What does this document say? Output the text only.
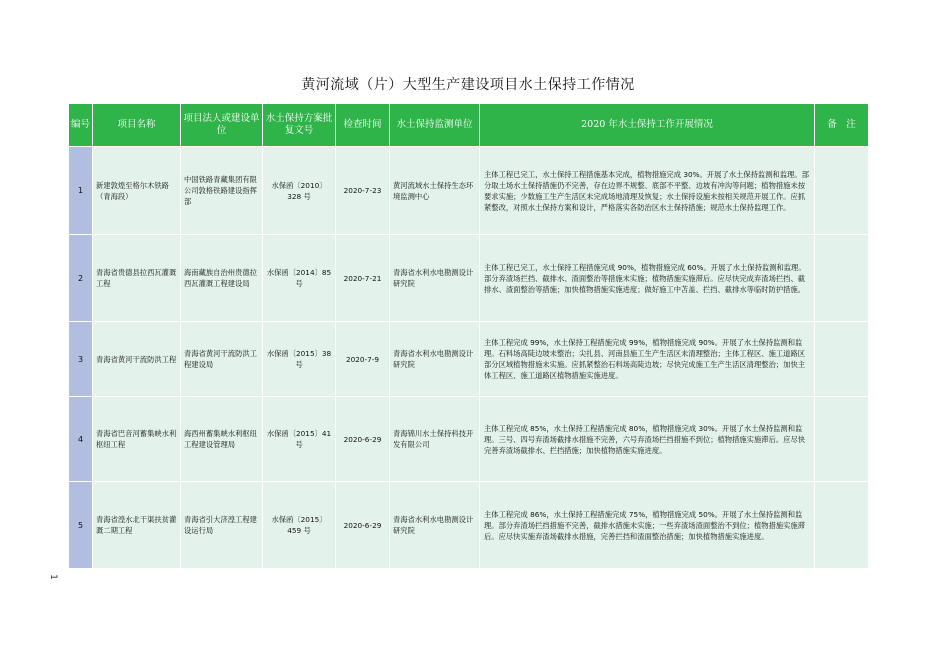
黄河流域（片）大型生产建设项目水土保持工作情况
编号	项目名称	项目法人或建设单位	水土保持方案批复文号	检查时间	水土保持监测单位	2020 年水土保持工作开展情况	备　注
1	新建敦煌至格尔木铁路（青海段）	中国铁路青藏集团有限公司敦格铁路建设指挥部	水保函〔2010〕328 号	2020-7-23	黄河流域水土保持生态环境监测中心	主体工程已完工，水土保持工程措施基本完成，植物措施完成 30%。开展了水土保持监测和监理。部分取土场水土保持措施仍不完善，存在边界不规整、底部不平整、边坡有冲沟等问题；植物措施未按要求实施；少数施工生产生活区未完成场地清理及恢复；水土保持设施未按相关规范开展工作。应抓紧整改，对照水土保持方案和设计，严格落实各防治区水土保持措施；规范水土保持监理工作。	
2	青海省贵德县拉西瓦灌溉工程	海南藏族自治州贵德拉西瓦灌溉工程建设局	水保函〔2014〕85 号	2020-7-21	青海省水利水电勘测设计研究院	主体工程已完工，水土保持工程措施完成 90%，植物措施完成 60%。开展了水土保持监测和监理。部分弃渣场拦挡、截排水、渣面整治等措施未实施；植物措施实施滞后。应尽快完成弃渣场拦挡、截排水、渣面整治等措施；加快植物措施实施进度；做好施工中苫盖、拦挡、截排水等临时防护措施。	
3	青海省黄河干流防洪工程	青海省黄河干流防洪工程建设局	水保函〔2015〕38 号	2020-7-9	青海省水利水电勘测设计研究院	主体工程完成 99%，水土保持工程措施完成 99%，植物措施完成 90%。开展了水土保持监测和监理。石料场高陡边坡未整治；尖扎县、河南县施工生产生活区未清理整治；主体工程区、施工道路区部分区域植物措施未实施。应抓紧整治石料场高陡边坡；尽快完成施工生产生活区清理整治；加快主体工程区、施工道路区植物措施实施进度。	
4	青海省巴音河蓄集峡水利枢纽工程	海西州蓄集峡水利枢纽工程建设管理局	水保函〔2015〕41 号	2020-6-29	青海锦川水土保持科技开发有限公司	主体工程完成 85%，水土保持工程措施完成 80%，植物措施完成 30%。开展了水土保持监测和监理。三号、四号弃渣场截排水措施不完善，六号弃渣场拦挡措施不到位；植物措施实施滞后。应尽快完善弃渣场截排水、拦挡措施；加快植物措施实施进度。	
5	青海省湟水北干渠扶贫灌溉二期工程	青海省引大济湟工程建设运行局	水保函〔2015〕459 号	2020-6-29	青海省水利水电勘测设计研究院	主体工程完成 86%，水土保持工程措施完成 75%，植物措施完成 50%。开展了水土保持监测和监理。部分弃渣场拦挡措施不完善，截排水措施未实施；一些弃渣场渣面整治不到位；植物措施实施滞后。应尽快实施弃渣场截排水措施，完善拦挡和渣面整治措施；加快植物措施实施进度。	
1
